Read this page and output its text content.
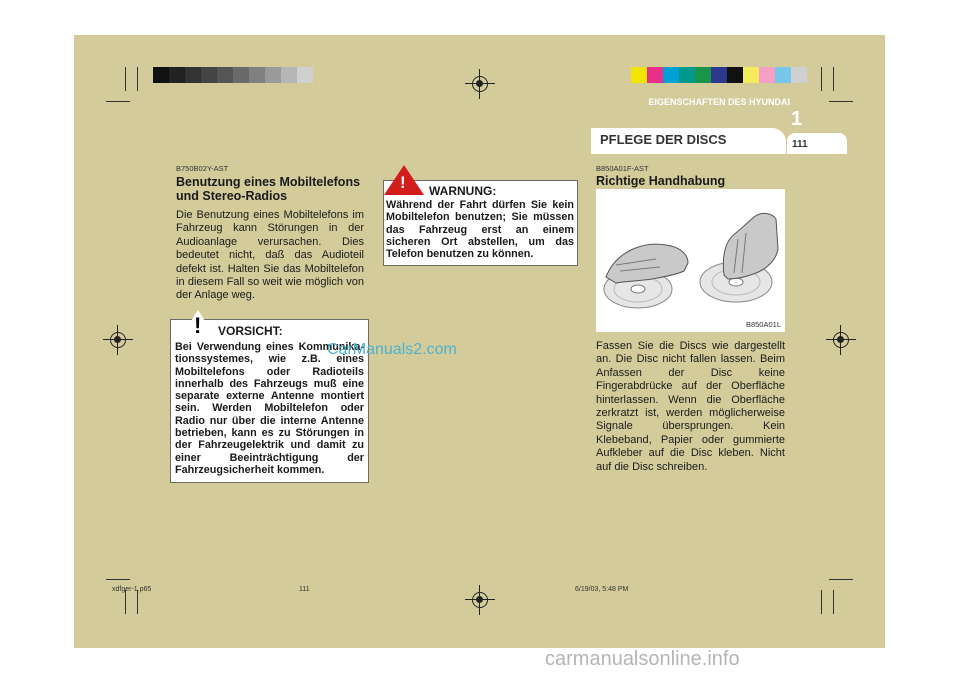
EIGENSCHAFTEN DES HYUNDAI
1
PFLEGE DER DISCS	111
B750B02Y-AST
Benutzung eines Mobiltelefons und Stereo-Radios
Die Benutzung eines Mobiltelefons im Fahrzeug kann Störungen in der Audioanlage verursachen. Dies bedeutet nicht, daß das Audioteil defekt ist. Halten Sie das Mobiltelefon in diesem Fall so weit wie möglich von der Anlage weg.
! VORSICHT:
Bei Verwendung eines Kommunika- tionssystemes, wie z.B. eines Mobiltelefons oder Radioteils innerhalb des Fahrzeugs muß eine separate externe Antenne montiert sein. Werden Mobiltelefon oder Radio nur über die interne Antenne betrieben, kann es zu Störungen in der Fahrzeugelektrik und damit zu einer Beeinträchtigung der Fahrzeugsicherheit kommen.
! WARNUNG:
Während der Fahrt dürfen Sie kein Mobiltelefon benutzen; Sie müssen das Fahrzeug erst an einem sicheren Ort abstellen, um das Telefon benutzen zu können.
B850A01F-AST
Richtige Handhabung
B850A01L
Fassen Sie die Discs wie dargestellt an. Die Disc nicht fallen lassen. Beim Anfassen der Disc keine Fingerabdrücke auf der Oberfläche hinterlassen. Wenn die Oberfläche zerkratzt ist, werden möglicherweise Signale übersprungen. Kein Klebeband, Papier oder gummierte Aufkleber auf die Disc kleben. Nicht auf die Disc schreiben.
CarManuals2.com
xdfger-1.p65	111	6/19/03, 5:48 PM
carmanualsonline.info
